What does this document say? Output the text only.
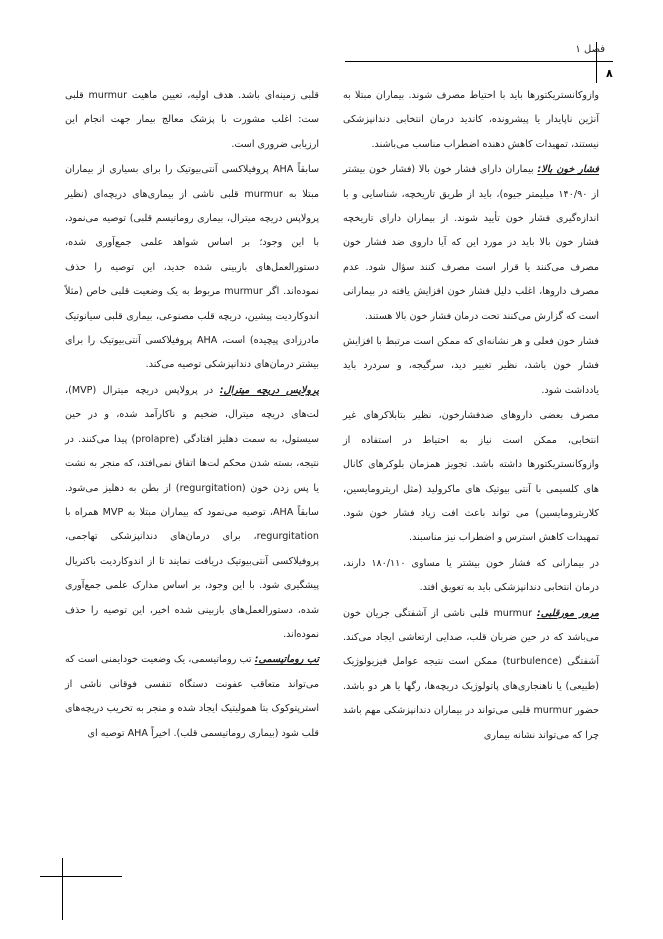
فصل ۱
۸

وازوکانستریکتورها باید با احتیاط مصرف شوند. بیماران مبتلا به آنژین ناپایدار یا پیشرونده، کاندید درمان انتخابی دندانپزشکی نیستند، تمهیدات کاهش دهنده اضطراب مناسب می‌باشند.

فشار خون بالا: بیماران دارای فشار خون بالا (فشار خون بیشتر از ۱۴۰/۹۰ میلیمتر جیوه)، باید از طریق تاریخچه، شناسایی و با اندازه‌گیری فشار خون تأیید شوند. از بیماران دارای تاریخچه فشار خون بالا باید در مورد این که آیا داروی ضد فشار خون مصرف می‌کنند یا قرار است مصرف کنند سؤال شود. عدم مصرف داروها، اغلب دلیل فشار خون افزایش یافته در بیمارانی است که گزارش می‌کنند تحت درمان فشار خون بالا هستند.

فشار خون فعلی و هر نشانه‌ای که ممکن است مرتبط با افزایش فشار خون باشد، نظیر تغییر دید، سرگیجه، و سردرد باید یادداشت شود.

مصرف بعضی داروهای ضدفشارخون، نظیر بتابلاکرهای غیر انتخابی، ممکن است نیاز به احتیاط در استفاده از وازوکانستریکتورها داشته باشد. تجویز همزمان بلوکرهای کانال های کلسیمی با آنتی بیوتیک های ماکرولید (مثل اریترومایسین، کلاریترومایسین) می تواند باعث افت زیاد فشار خون شود. تمهیدات کاهش استرس و اضطراب نیز مناسبند.

در بیمارانی که فشار خون بیشتر یا مساوی ۱۸۰/۱۱۰ دارند، درمان انتخابی دندانپزشکی باید به تعویق افتد.

مرور مورقلبی: murmur قلبی ناشی از آشفتگی جریان خون می‌باشد که در حین ضربان قلب، صدایی ارتعاشی ایجاد می‌کند. آشفتگی (turbulence) ممکن است نتیجه عوامل فیزیولوژیک (طبیعی) یا ناهنجاری‌های پاتولوژیک دریچه‌ها، رگها یا هر دو باشد. حضور murmur قلبی می‌تواند در بیماران دندانپزشکی مهم باشد چرا که می‌تواند نشانه بیماری

قلبی زمینه‌ای باشد. هدف اولیه، تعیین ماهیت murmur قلبی ست: اغلب مشورت با پزشک معالج بیمار جهت انجام این ارزیابی ضروری است.

سابقاً AHA پروفیلاکسی آنتی‌بیوتیک را برای بسیاری از بیماران مبتلا به murmur قلبی ناشی از بیماری‌های دریچه‌ای (نظیر پرولاپس دریچه میترال، بیماری روماتیسم قلبی) توصیه می‌نمود، با این وجود؛ بر اساس شواهد علمی جمع‌آوری شده، دستورالعمل‌های بازبینی شده جدید، این توصیه را حذف نموده‌اند. اگر murmur مربوط به یک وضعیت قلبی خاص (مثلاً اندوکاردیت پیشین، دریچه قلب مصنوعی، بیماری قلبی سیانوتیک مادرزادی پیچیده) است، AHA پروفیلاکسی آنتی‌بیوتیک را برای بیشتر درمان‌های دندانپزشکی توصیه می‌کند.

پرولاپس دریچه میترال: در پرولاپس دریچه میترال (MVP)، لت‌های دریچه میترال، ضخیم و ناکارآمد شده، و در حین سیستول، به سمت دهلیز افتادگی (prolapre) پیدا می‌کنند. در نتیجه، بسته شدن محکم لت‌ها اتفاق نمی‌افتد، که منجر به نشت یا پس زدن خون (regurgitation) از بطن به دهلیز می‌شود. سابقاً AHA، توصیه می‌نمود که بیماران مبتلا به MVP همراه با regurgitation، برای درمان‌های دندانپزشکی تهاجمی، پروفیلاکسی آنتی‌بیوتیک دریافت نمایند تا از اندوکاردیت باکتریال پیشگیری شود. با این وجود، بر اساس مدارک علمی جمع‌آوری شده، دستورالعمل‌های بازبینی شده اخیر، این توصیه را حذف نموده‌اند.

تب روماتیسمی: تب روماتیسمی، یک وضعیت خودایمنی است که می‌تواند متعاقب عفونت دستگاه تنفسی فوقانی ناشی از استرپتوکوک بتا همولیتیک ایجاد شده و منجر به تخریب دریچه‌های قلب شود (بیماری روماتیسمی قلب). اخیراً AHA توصیه ای
